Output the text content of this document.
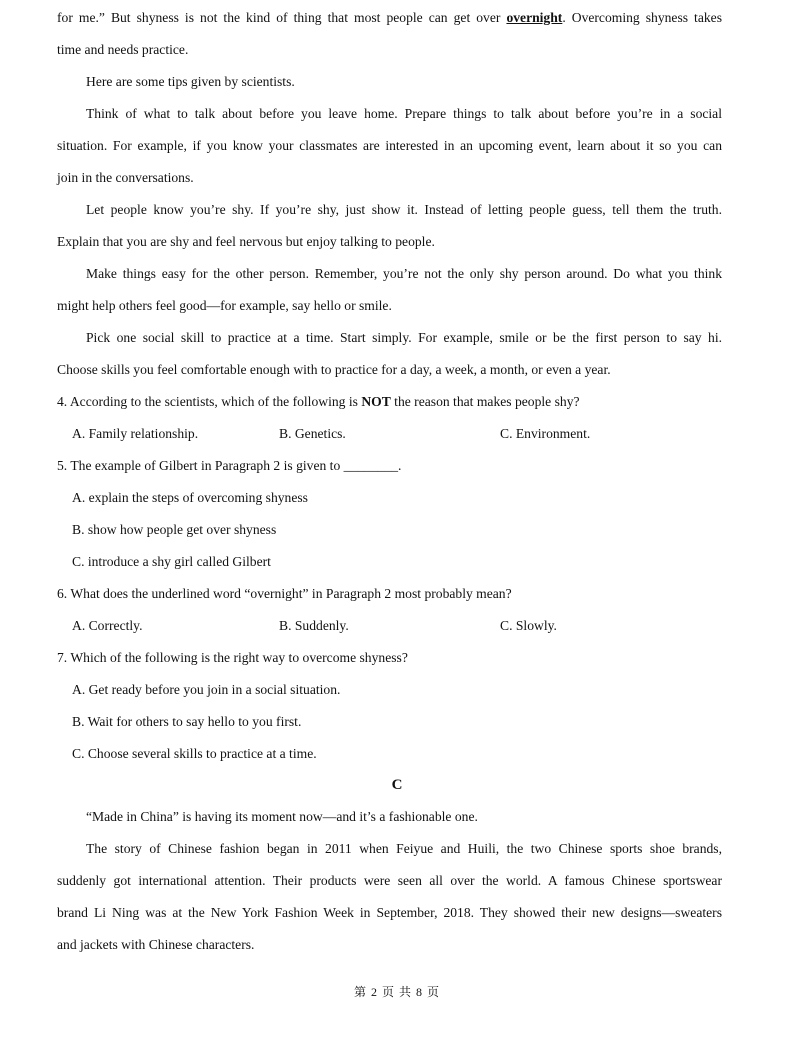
for me.” But shyness is not the kind of thing that most people can get over overnight. Overcoming shyness takes
time and needs practice.
Here are some tips given by scientists.
Think of what to talk about before you leave home. Prepare things to talk about before you’re in a social
situation. For example, if you know your classmates are interested in an upcoming event, learn about it so you can
join in the conversations.
Let people know you’re shy. If you’re shy, just show it. Instead of letting people guess, tell them the truth.
Explain that you are shy and feel nervous but enjoy talking to people.
Make things easy for the other person. Remember, you’re not the only shy person around. Do what you think
might help others feel good—for example, say hello or smile.
Pick one social skill to practice at a time. Start simply. For example, smile or be the first person to say hi.
Choose skills you feel comfortable enough with to practice for a day, a week, a month, or even a year.
4. According to the scientists, which of the following is NOT the reason that makes people shy?
A. Family relationship.	B. Genetics.	C. Environment.
5. The example of Gilbert in Paragraph 2 is given to ________.
A. explain the steps of overcoming shyness
B. show how people get over shyness
C. introduce a shy girl called Gilbert
6. What does the underlined word “overnight” in Paragraph 2 most probably mean?
A. Correctly.	B. Suddenly.	C. Slowly.
7. Which of the following is the right way to overcome shyness?
A. Get ready before you join in a social situation.
B. Wait for others to say hello to you first.
C. Choose several skills to practice at a time.
C
“Made in China” is having its moment now—and it’s a fashionable one.
The story of Chinese fashion began in 2011 when Feiyue and Huili, the two Chinese sports shoe brands,
suddenly got international attention. Their products were seen all over the world. A famous Chinese sportswear
brand Li Ning was at the New York Fashion Week in September, 2018. They showed their new designs—sweaters
and jackets with Chinese characters.
第 2 页 共 8 页
